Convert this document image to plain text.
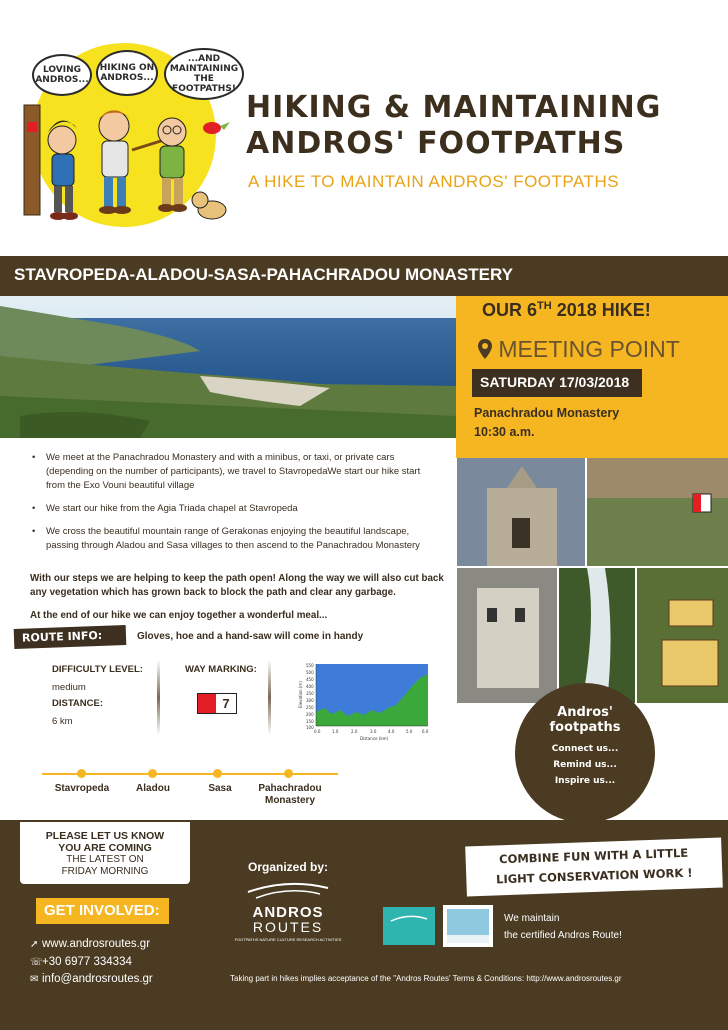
LOVING ANDROS...
HIKING ON ANDROS...
...AND MAINTAINING THE FOOTPATHS!
HIKING & MAINTAINING
ANDROS' FOOTPATHS
A HIKE TO MAINTAIN ANDROS' FOOTPATHS
STAVROPEDA-ALADOU-SASA-PAHACHRADOU MONASTERY
OUR 6TH 2018 HIKE!
MEETING POINT
SATURDAY 17/03/2018
Panachradou Monastery
10:30 a.m.
• We meet at the Panachradou Monastery and with a minibus, or taxi, or private cars (depending on the number of participants), we travel to StavropedaWe start our hike start from the Exo Vouni beautiful village
• We start our hike from the Agia Triada chapel at Stavropeda
• We cross the beautiful mountain range of Gerakonas enjoying the beautiful landscape, passing through Aladou and Sasa villages to then ascend to the Panachradou Monastery

With our steps we are helping to keep the path open! Along the way we will also cut back any vegetation which has grown back to block the path and clear any garbage.

At the end of our hike we can enjoy together a wonderful meal...

ROUTE INFO:	Gloves, hoe and a hand-saw will come in handy
DIFFICULTY LEVEL:
medium
DISTANCE:
6 km
WAY MARKING:
7
550
500
450
400
350
300
250
200
150
100
0.0	1.0	2.0	3.0	4.0	5.0 6.0
Distance (km)
Elevation (m)
Stavropeda	Aladou	Sasa	Pahachradou Monastery
Andros'
footpaths
Connect us...
Remind us...
Inspire us...
PLEASE LET US KNOW
YOU ARE COMING
THE LATEST ON
FRIDAY MORNING
GET INVOLVED:
➚ www.androsroutes.gr
☏+30 6977 334334
✉ info@androsroutes.gr
Organized by:
ANDROS
ROUTES
FOOTPATHS NATURE CULTURE RESEARCH ACTIVITIES
COMBINE FUN WITH A LITTLE
LIGHT CONSERVATION WORK !
We maintain
the certified Andros Route!
Taking part in hikes implies acceptance of the "Andros Routes' Terms & Conditions: http://www.androsroutes.gr
